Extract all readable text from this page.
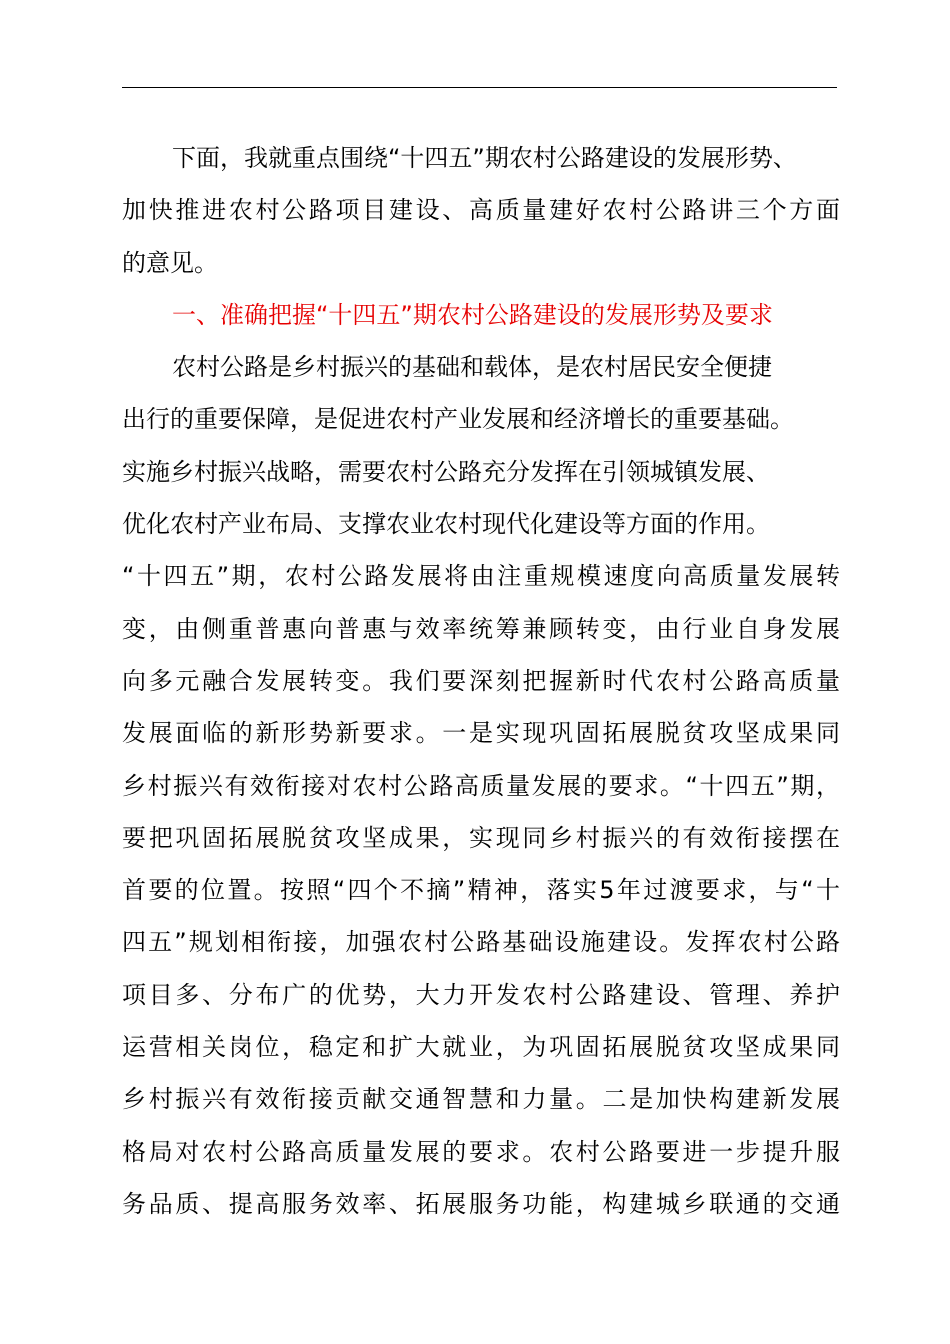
下面，我就重点围绕“十四五”期农村公路建设的发展形势、
加快推进农村公路项目建设、高质量建好农村公路讲三个方面
的意见。
一、准确把握“十四五”期农村公路建设的发展形势及要求
农村公路是乡村振兴的基础和载体，是农村居民安全便捷
出行的重要保障，是促进农村产业发展和经济增长的重要基础。
实施乡村振兴战略，需要农村公路充分发挥在引领城镇发展、
优化农村产业布局、支撑农业农村现代化建设等方面的作用。
“十四五”期，农村公路发展将由注重规模速度向高质量发展转
变，由侧重普惠向普惠与效率统筹兼顾转变，由行业自身发展
向多元融合发展转变。我们要深刻把握新时代农村公路高质量
发展面临的新形势新要求。一是实现巩固拓展脱贫攻坚成果同
乡村振兴有效衔接对农村公路高质量发展的要求。“十四五”期，
要把巩固拓展脱贫攻坚成果，实现同乡村振兴的有效衔接摆在
首要的位置。按照“四个不摘”精神，落实5年过渡要求，与“十
四五”规划相衔接，加强农村公路基础设施建设。发挥农村公路
项目多、分布广的优势，大力开发农村公路建设、管理、养护
运营相关岗位，稳定和扩大就业，为巩固拓展脱贫攻坚成果同
乡村振兴有效衔接贡献交通智慧和力量。二是加快构建新发展
格局对农村公路高质量发展的要求。农村公路要进一步提升服
务品质、提高服务效率、拓展服务功能，构建城乡联通的交通
